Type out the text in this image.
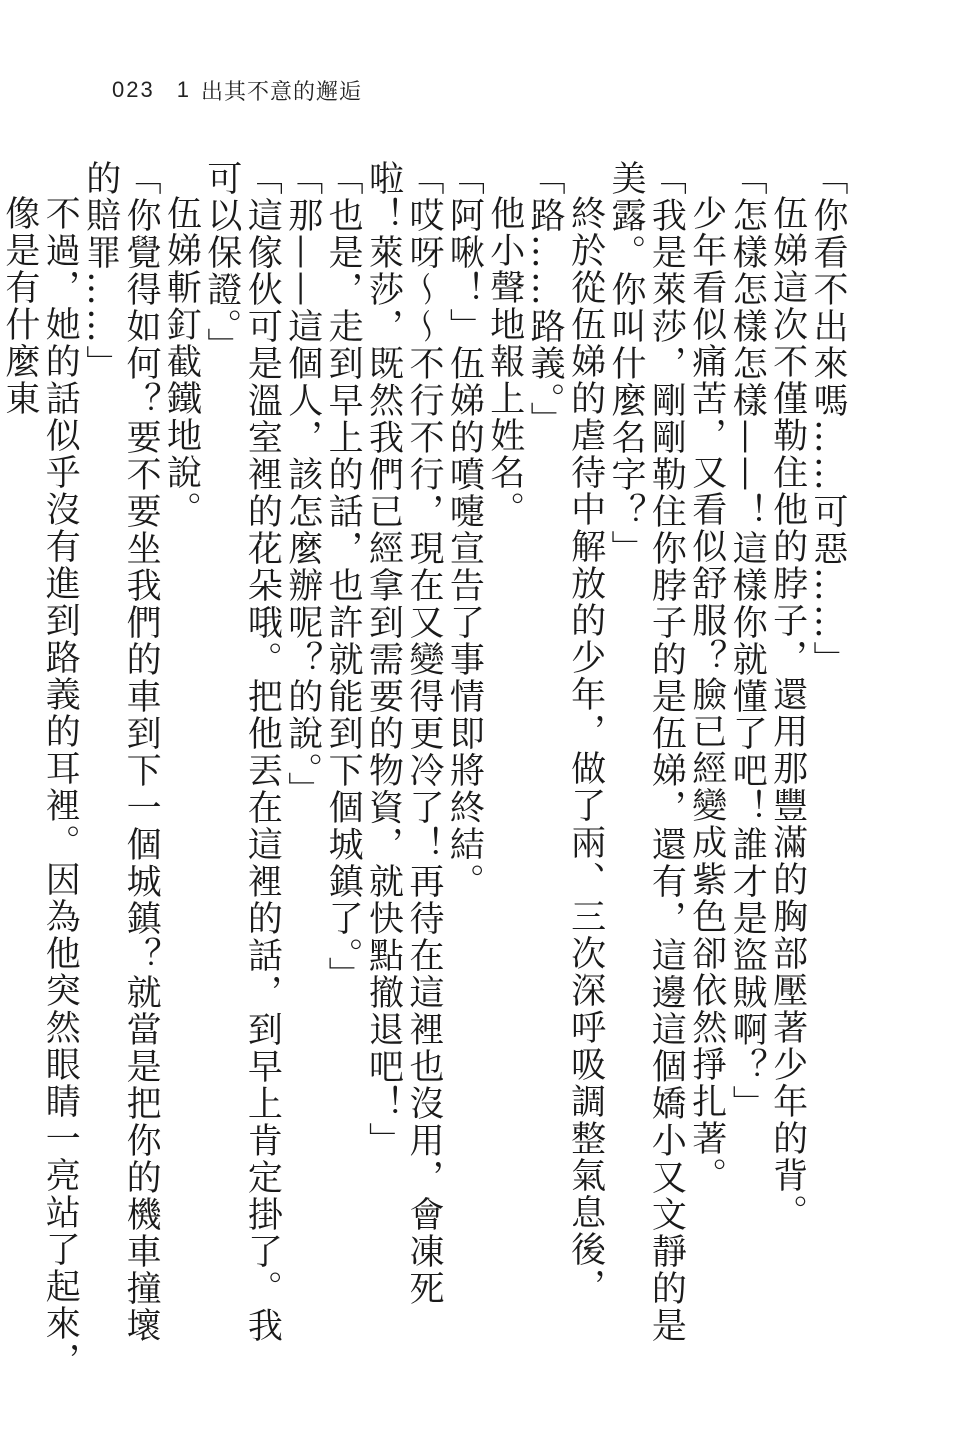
023 1 出其不意的邂逅

「你看不出來嗎……可惡……」

伍娣這次不僅勒住他的脖子，還用那豐滿的胸部壓著少年的背。

「怎樣怎樣怎樣——！這樣你就懂了吧！誰才是盜賊啊？」

少年看似痛苦，又看似舒服？臉已經變成紫色卻依然掙扎著。

「我是萊莎，剛剛勒住你脖子的是伍娣，還有，這邊這個嬌小又文靜的是美露。你叫什麼名字？」

終於從伍娣的虐待中解放的少年，做了兩、三次深呼吸調整氣息後，

「路……路義。」

他小聲地報上姓名。

「阿啾！」伍娣的噴嚏宣告了事情即將終結。

「哎呀～～不行不行，現在又變得更冷了！再待在這裡也沒用，會凍死啦！萊莎，既然我們已經拿到需要的物資，就快點撤退吧！」

「也是，走到早上的話，也許就能到下個城鎮了。」

「那——這個人，該怎麼辦呢？的說。」

「這傢伙可是溫室裡的花朵哦。把他丟在這裡的話，到早上肯定掛了。我可以保證。」

伍娣斬釘截鐵地說。

「你覺得如何？要不要坐我們的車到下一個城鎮？就當是把你的機車撞壞的賠罪……」

不過，她的話似乎沒有進到路義的耳裡。因為他突然眼睛一亮站了起來，像是有什麼東
